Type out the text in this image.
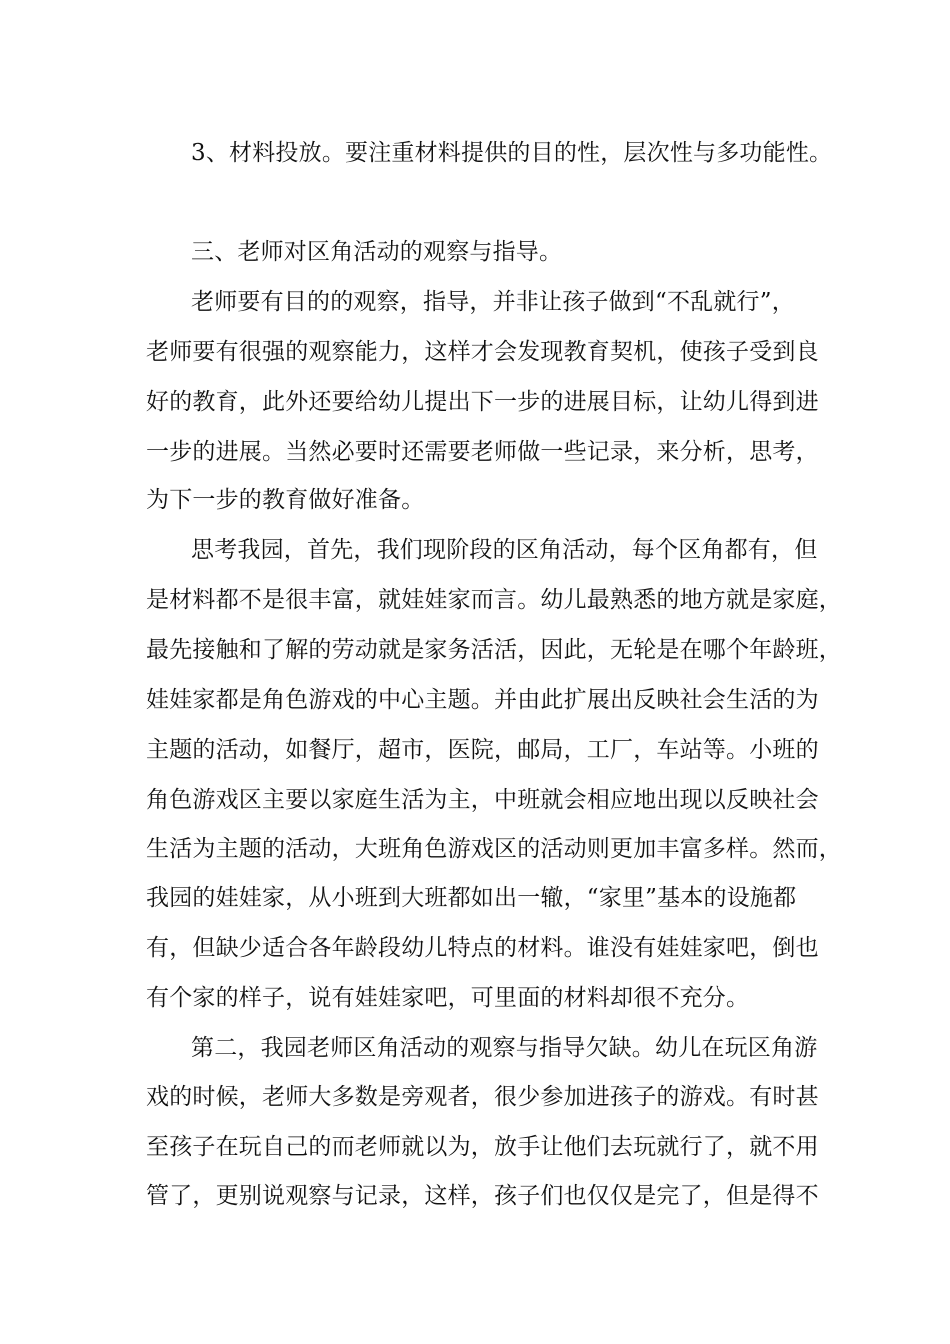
3、材料投放。要注重材料提供的目的性，层次性与多功能性。
三、老师对区角活动的观察与指导。
老师要有目的的观察，指导，并非让孩子做到“不乱就行”，
老师要有很强的观察能力，这样才会发现教育契机，使孩子受到良
好的教育，此外还要给幼儿提出下一步的进展目标，让幼儿得到进
一步的进展。当然必要时还需要老师做一些记录，来分析，思考，
为下一步的教育做好准备。
思考我园，首先，我们现阶段的区角活动，每个区角都有，但
是材料都不是很丰富，就娃娃家而言。幼儿最熟悉的地方就是家庭，
最先接触和了解的劳动就是家务活活，因此，无轮是在哪个年龄班，
娃娃家都是角色游戏的中心主题。并由此扩展出反映社会生活的为
主题的活动，如餐厅，超市，医院，邮局，工厂，车站等。小班的
角色游戏区主要以家庭生活为主，中班就会相应地出现以反映社会
生活为主题的活动，大班角色游戏区的活动则更加丰富多样。然而，
我园的娃娃家，从小班到大班都如出一辙，“家里”基本的设施都
有，但缺少适合各年龄段幼儿特点的材料。谁没有娃娃家吧，倒也
有个家的样子，说有娃娃家吧，可里面的材料却很不充分。
第二，我园老师区角活动的观察与指导欠缺。幼儿在玩区角游
戏的时候，老师大多数是旁观者，很少参加进孩子的游戏。有时甚
至孩子在玩自己的而老师就以为，放手让他们去玩就行了，就不用
管了，更别说观察与记录，这样，孩子们也仅仅是完了，但是得不
